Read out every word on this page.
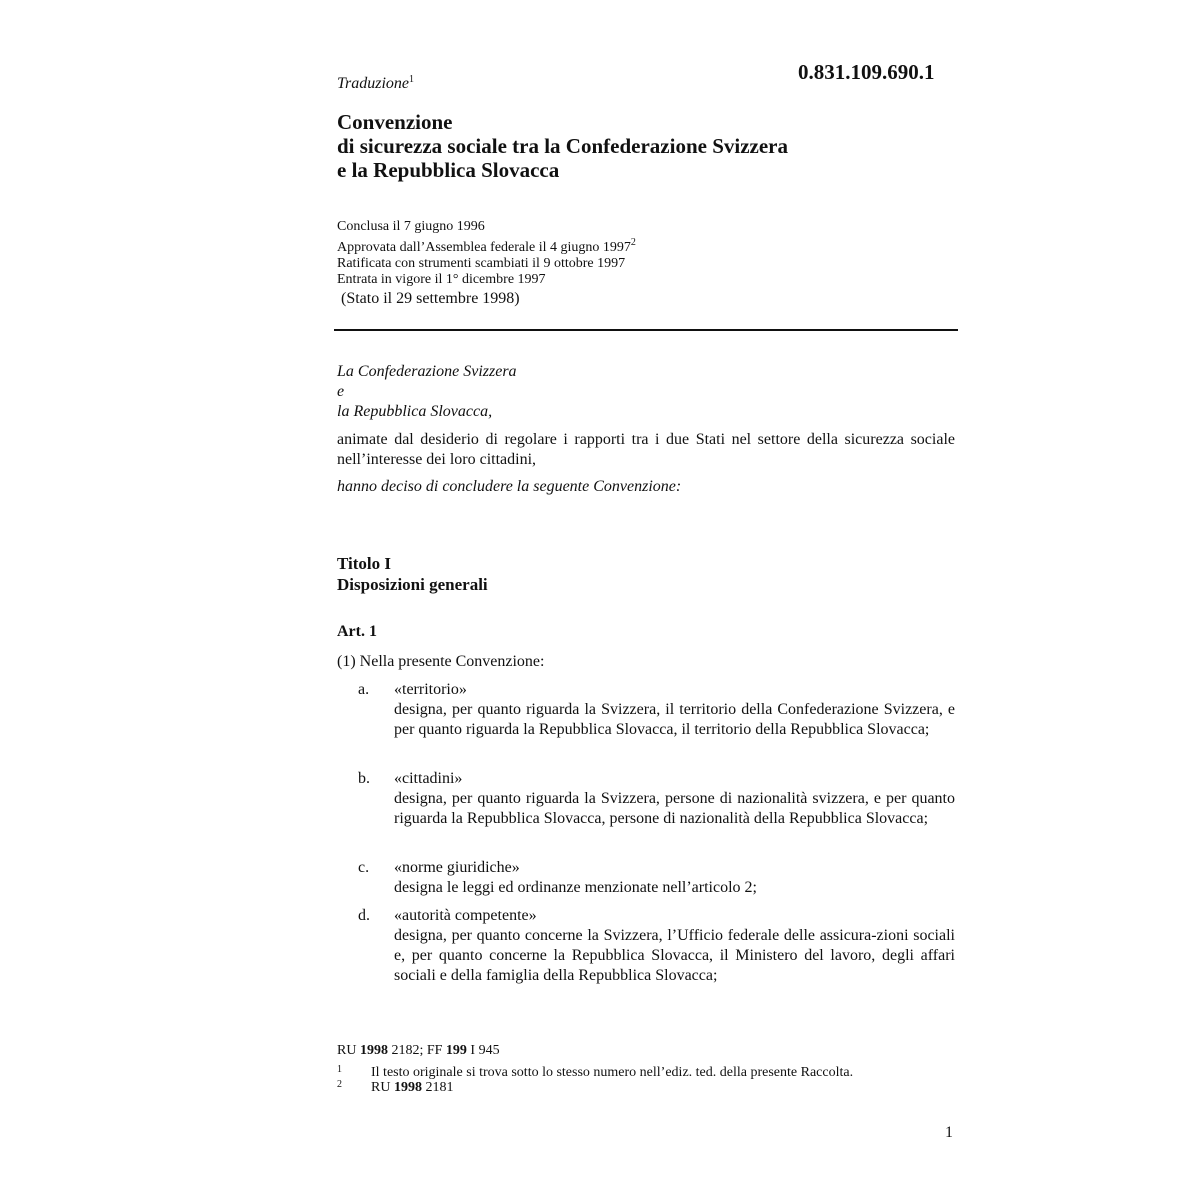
0.831.109.690.1
Traduzione$^1$
Convenzione
di sicurezza sociale tra la Confederazione Svizzera
e la Repubblica Slovacca
Conclusa il 7 giugno 1996
Approvata dall’Assemblea federale il 4 giugno 1997$^2$
Ratificata con strumenti scambiati il 9 ottobre 1997
Entrata in vigore il 1° dicembre 1997
(Stato il 29 settembre 1998)
La Confederazione Svizzera
e
la Repubblica Slovacca,
animate dal desiderio di regolare i rapporti tra i due Stati nel settore della sicurezza sociale nell’interesse dei loro cittadini,
hanno deciso di concludere la seguente Convenzione:
Titolo I
Disposizioni generali
Art. 1
(1) Nella presente Convenzione:
a. «territorio»
designa, per quanto riguarda la Svizzera, il territorio della Confederazione Svizzera, e per quanto riguarda la Repubblica Slovacca, il territorio della Repubblica Slovacca;
b. «cittadini»
designa, per quanto riguarda la Svizzera, persone di nazionalità svizzera, e per quanto riguarda la Repubblica Slovacca, persone di nazionalità della Repubblica Slovacca;
c. «norme giuridiche»
designa le leggi ed ordinanze menzionate nell’articolo 2;
d. «autorità competente»
designa, per quanto concerne la Svizzera, l’Ufficio federale delle assicura-zioni sociali e, per quanto concerne la Repubblica Slovacca, il Ministero del lavoro, degli affari sociali e della famiglia della Repubblica Slovacca;
RU 1998 2182; FF 199 I 945
1 Il testo originale si trova sotto lo stesso numero nell’ediz. ted. della presente Raccolta.
2 RU 1998 2181
1
